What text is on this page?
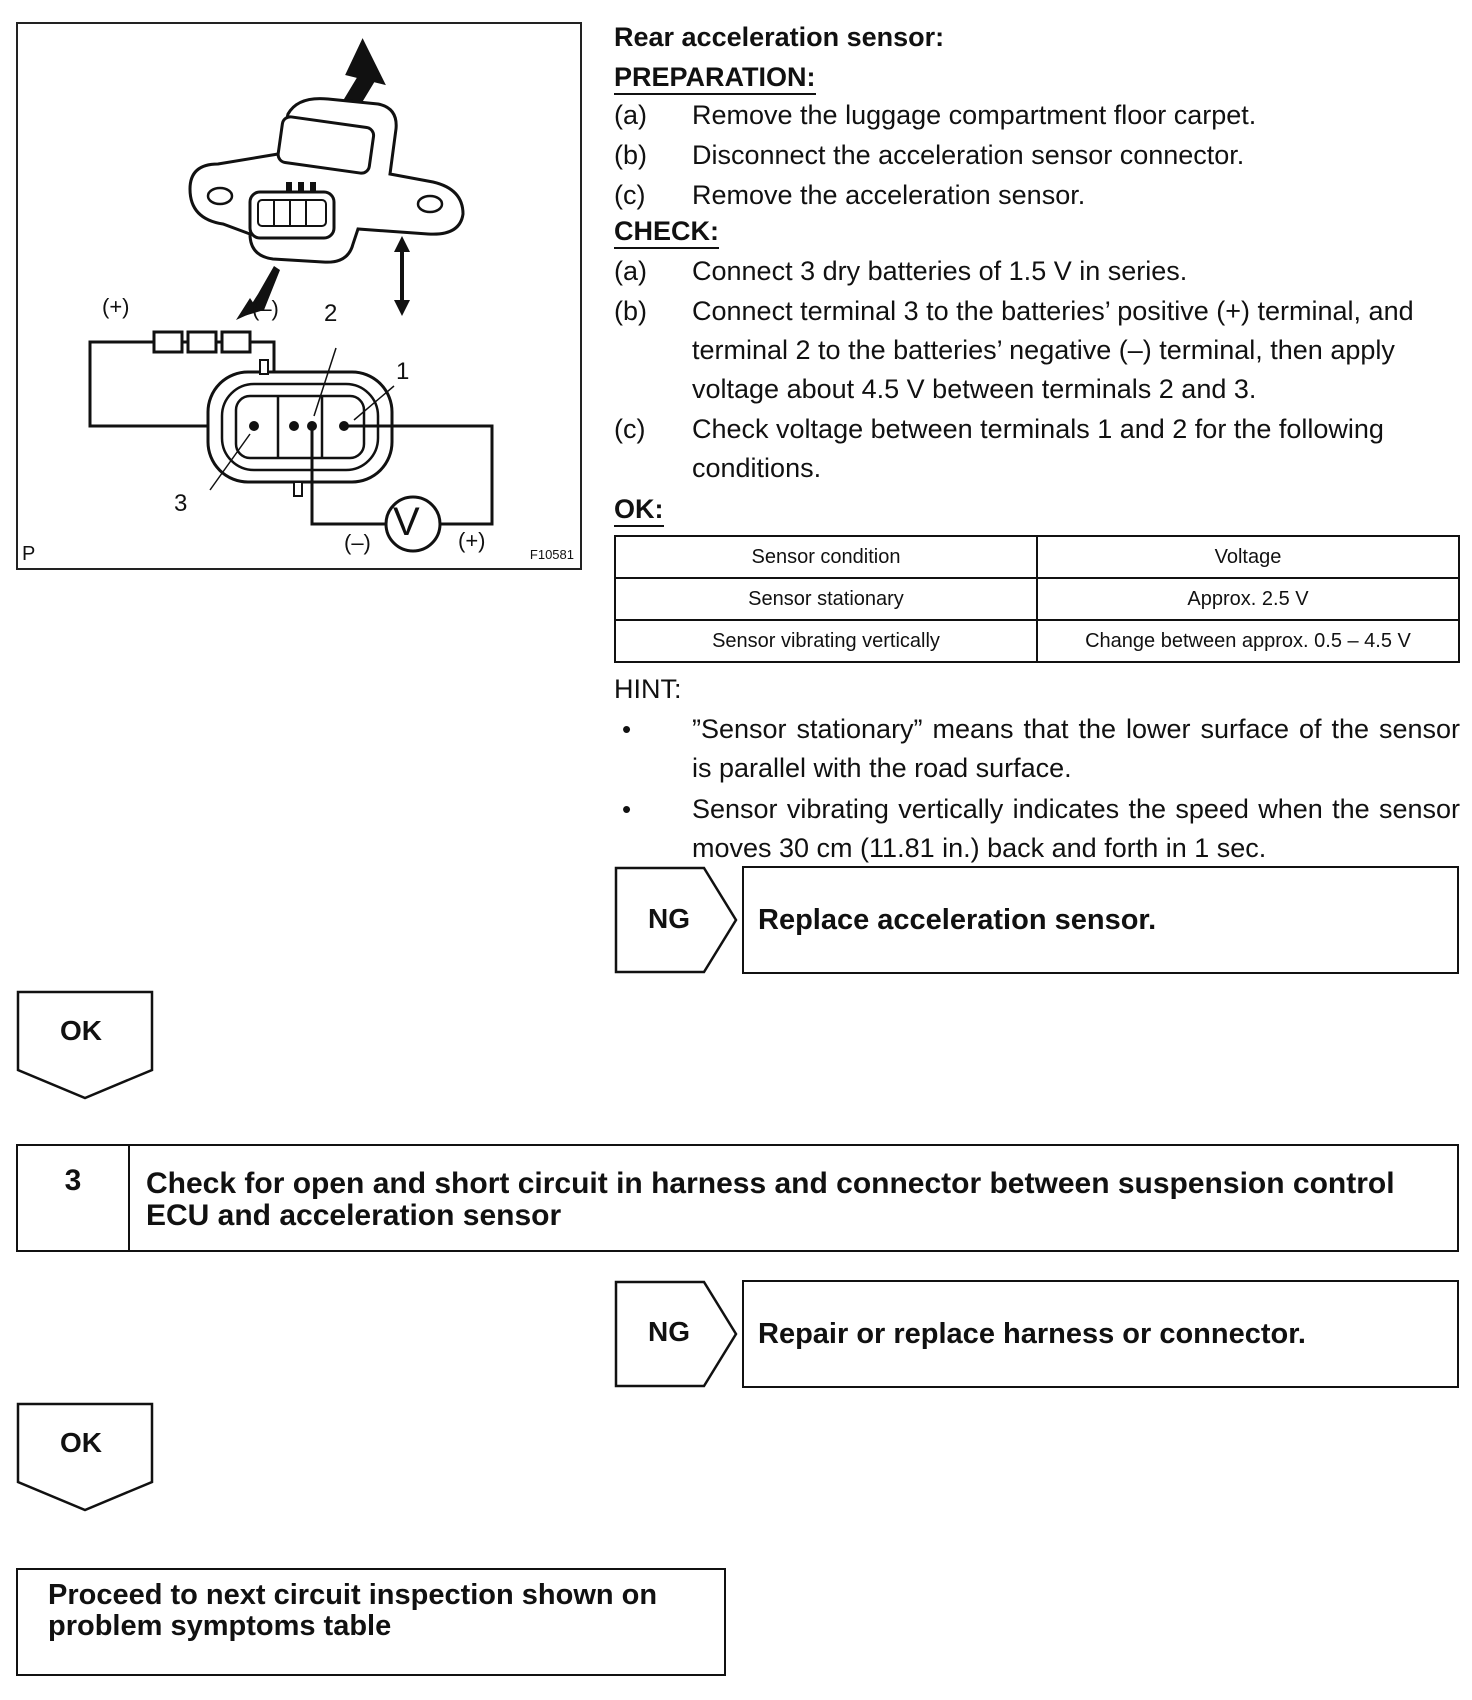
(+)	(–) 2
1
3	V
(–)	(+)
P	F10581
Rear acceleration sensor:
PREPARATION:
(a) Remove the luggage compartment floor carpet.
(b) Disconnect the acceleration sensor connector.
(c) Remove the acceleration sensor.
CHECK:
(a) Connect 3 dry batteries of 1.5 V in series.
(b) Connect terminal 3 to the batteries’ positive (+) terminal, and terminal 2 to the batteries’ negative (–) terminal, then apply voltage about 4.5 V between terminals 2 and 3.
(c) Check voltage between terminals 1 and 2 for the following conditions.
OK:
Sensor condition	Voltage
Sensor stationary	Approx. 2.5 V
Sensor vibrating vertically	Change between approx. 0.5 – 4.5 V
HINT:
• ”Sensor stationary” means that the lower surface of the sensor is parallel with the road surface.
• Sensor vibrating vertically indicates the speed when the sensor moves 30 cm (11.81 in.) back and forth in 1 sec.
NG	Replace acceleration sensor.
OK
3	Check for open and short circuit in harness and connector between suspension control ECU and acceleration sensor
NG	Repair or replace harness or connector.
OK
Proceed to next circuit inspection shown on problem symptoms table
